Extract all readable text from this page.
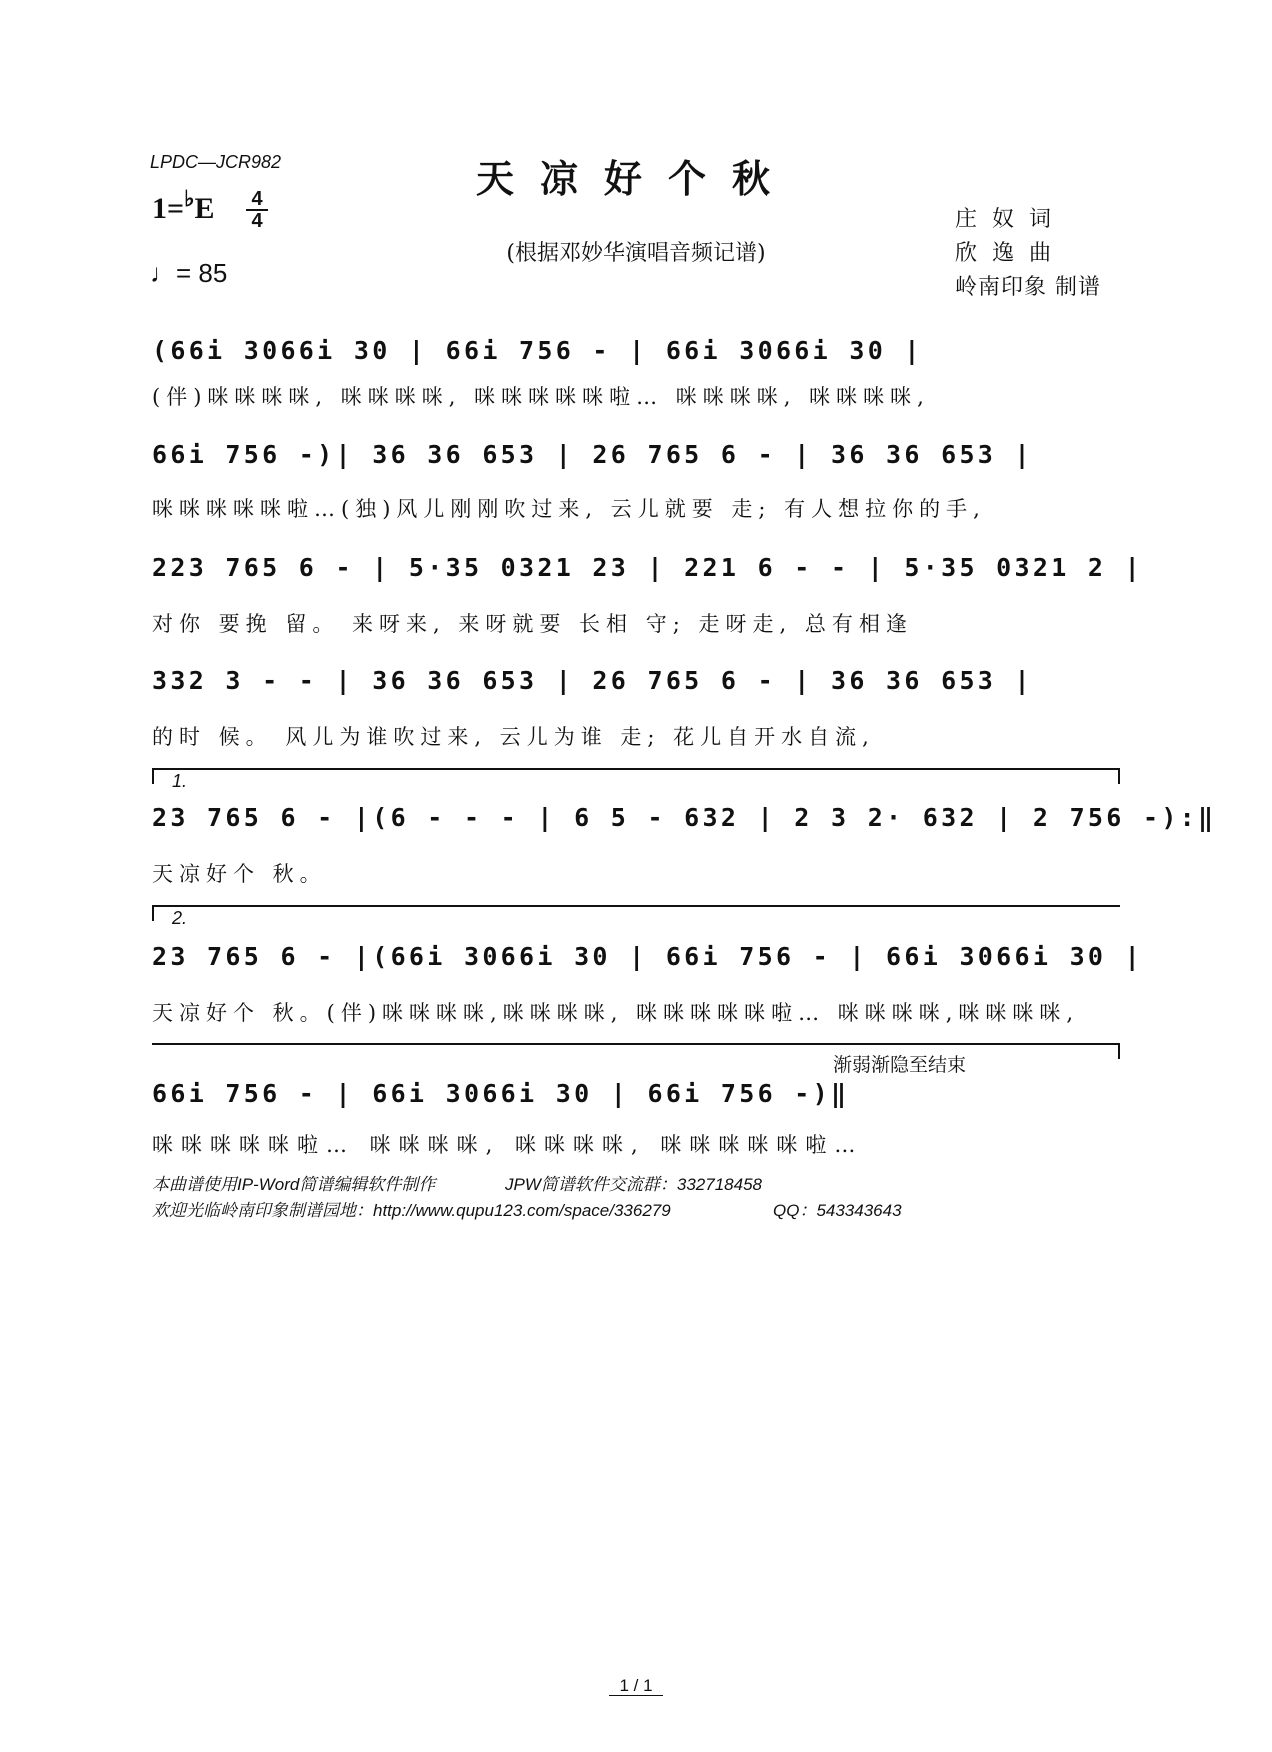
LPDC—JCR982	天凉好个秋
1=♭E 4
4
♩= 85
(根据邓妙华演唱音频记谱)
庄 奴 词
欣 逸 曲
岭南印象 制谱
(66i 3066i 30 | 66i 756 - | 66i 3066i 30 |
(伴)咪咪咪咪, 咪咪咪咪, 咪咪咪咪咪啦… 咪咪咪咪, 咪咪咪咪,
66i 756 -)| 36 36 653 | 26 765 6 - | 36 36 653 |
咪咪咪咪咪啦…(独)风儿刚刚吹过来, 云儿就要 走; 有人想拉你的手,
223 765 6 - | 5·35 0321 23 | 221 6 - - | 5·35 0321 2 |
对你 要挽 留。 来呀来, 来呀就要 长相 守; 走呀走, 总有相逢
332 3 - - | 36 36 653 | 26 765 6 - | 36 36 653 |
的时 候。 风儿为谁吹过来, 云儿为谁 走; 花儿自开水自流,
1.
23 765 6 - |(6 - - - | 6 5 - 632 | 2 3 2· 632 | 2 756 -):‖
天凉好个 秋。
2.
23 765 6 - |(66i 3066i 30 | 66i 756 - | 66i 3066i 30 |
天凉好个 秋。(伴)咪咪咪咪,咪咪咪咪, 咪咪咪咪咪啦… 咪咪咪咪,咪咪咪咪,
渐弱渐隐至结束
66i 756 - | 66i 3066i 30 | 66i 756 -)‖
咪咪咪咪咪啦… 咪咪咪咪, 咪咪咪咪, 咪咪咪咪咪啦…
本曲谱使用IP-Word简谱编辑软件制作	JPW简谱软件交流群：332718458
欢迎光临岭南印象制谱园地：http://www.qupu123.com/space/336279	QQ：543343643
1 / 1
